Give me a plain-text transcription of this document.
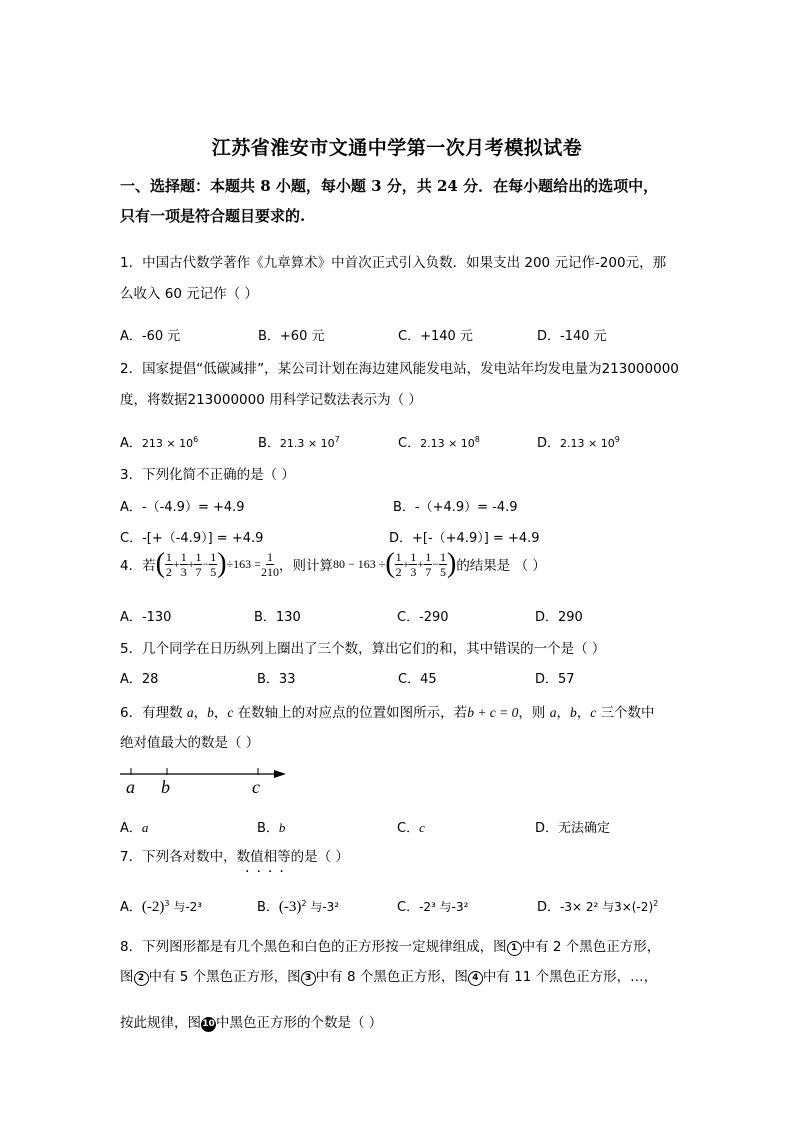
江苏省淮安市文通中学第一次月考模拟试卷
一、选择题：本题共 8 小题，每小题 3 分，共 24 分．在每小题给出的选项中，
只有一项是符合题目要求的.
1．中国古代数学著作《九章算术》中首次正式引入负数．如果支出 200 元记作-200元，那
么收入 60 元记作（ ）
A．-60 元	B．+60 元	C．+140 元	D．-140 元
2．国家提倡“低碳减排”，某公司计划在海边建风能发电站，发电站年均发电量为213000000
度，将数据213000000 用科学记数法表示为（ ）
A．$213 \times 10^6$	B．$21.3 \times 10^7$	C．$2.13 \times 10^8$	D．$2.13 \times 10^9$
3．下列化简不正确的是（ ）
A．-（-4.9）= +4.9	B．-（+4.9）= -4.9
C．-[+（-4.9）] = +4.9	D．+[-（+4.9）] = +4.9
4．若 ( $\frac{1}{2} + \frac{1}{3} + \frac{1}{7} - \frac{1}{5}$ ) $\div 163 = \frac{1}{210}$ ，则计算 80 − 163 ÷ ( $\frac{1}{2} + \frac{1}{3} + \frac{1}{7} - \frac{1}{5}$ ) 的结果是 （ ）
A．-130	B．130	C．-290	D．290
5．几个同学在日历纵列上圈出了三个数，算出它们的和，其中错误的一个是（ ）
A．28	B．33	C．45	D．57
6．有理数 a，b，c 在数轴上的对应点的位置如图所示，若b + c = 0，则 a，b，c 三个数中
绝对值最大的数是（ ）
a b	c
A．a	B．b	C．c	D．无法确定
7．下列各对数中，数值相等的是（ ）
····
A．$(-2)^3$ 与-2³	B．$(-3)^2$ 与-3²	C．-2³ 与-3²	D．-3× 2² 与$3\times(-2)^2$
8．下列图形都是有几个黑色和白色的正方形按一定规律组成，图 1 中有 2 个黑色正方形，
图 2 中有 5 个黑色正方形，图 3 中有 8 个黑色正方形，图 4 中有 11 个黑色正方形，…，
按此规律，图10中黑色正方形的个数是（ ）
